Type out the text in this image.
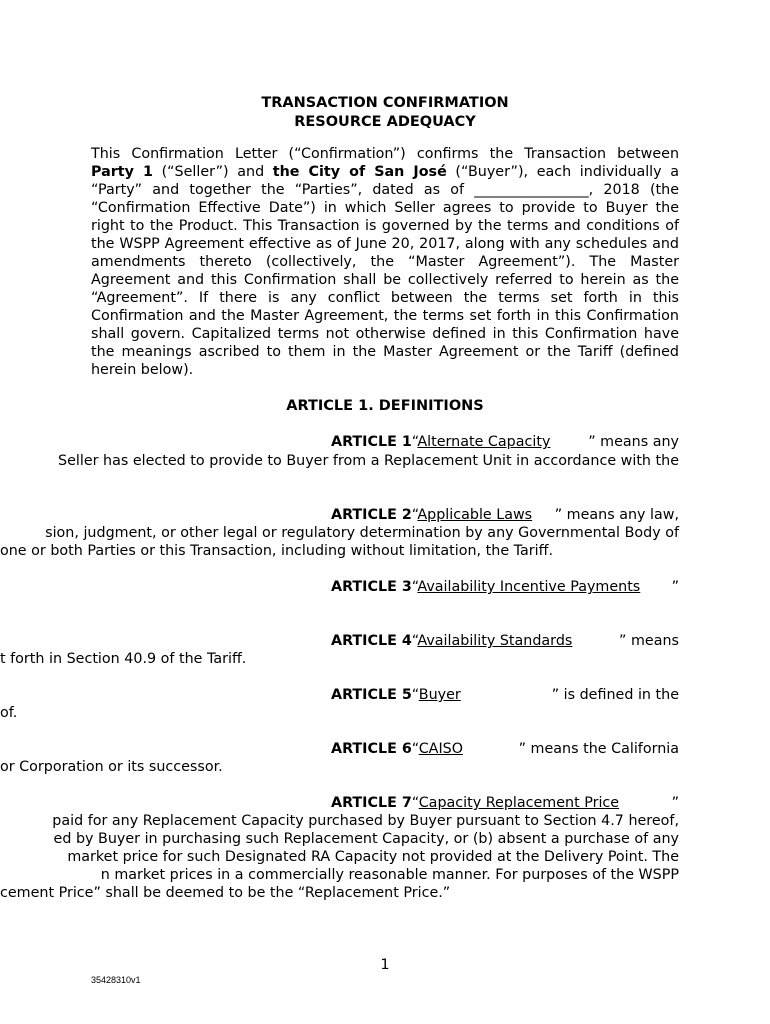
TRANSACTION CONFIRMATION
RESOURCE ADEQUACY
This Confirmation Letter (“Confirmation”) confirms the Transaction between Party 1 (“Seller”) and the City of San José (“Buyer”), each individually a “Party” and together the “Parties”, dated as of ________________, 2018 (the “Confirmation Effective Date”) in which Seller agrees to provide to Buyer the right to the Product. This Transaction is governed by the terms and conditions of the WSPP Agreement effective as of June 20, 2017, along with any schedules and amendments thereto (collectively, the “Master Agreement”). The Master Agreement and this Confirmation shall be collectively referred to herein as the “Agreement”. If there is any conflict between the terms set forth in this Confirmation and the Master Agreement, the terms set forth in this Confirmation shall govern. Capitalized terms not otherwise defined in this Confirmation have the meanings ascribed to them in the Master Agreement or the Tariff (defined herein below).
ARTICLE 1. DEFINITIONS
ARTICLE 1“Alternate Capacity	” means any
Seller has elected to provide to Buyer from a Replacement Unit in accordance with the
ARTICLE 2“Applicable Laws ” means any law,
sion, judgment, or other legal or regulatory determination by any Governmental Body of
one or both Parties or this Transaction, including without limitation, the Tariff.
ARTICLE 3“Availability Incentive Payments ”
ARTICLE 4“Availability Standards	” means
t forth in Section 40.9 of the Tariff.
ARTICLE 5“Buyer	” is defined in the
of.
ARTICLE 6“CAISO	” means the California
or Corporation or its successor.
ARTICLE 7“Capacity Replacement Price	”
paid for any Replacement Capacity purchased by Buyer pursuant to Section 4.7 hereof,
ed by Buyer in purchasing such Replacement Capacity, or (b) absent a purchase of any
market price for such Designated RA Capacity not provided at the Delivery Point. The
n market prices in a commercially reasonable manner. For purposes of the WSPP
cement Price” shall be deemed to be the “Replacement Price.”
1
35428310v1
